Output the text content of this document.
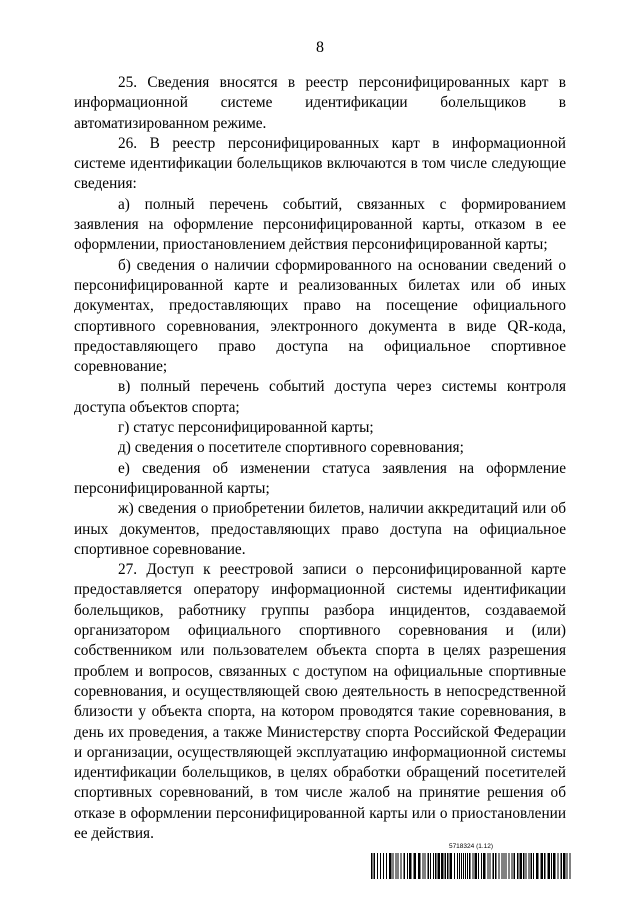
8

25. Сведения вносятся в реестр персонифицированных карт в информационной системе идентификации болельщиков в автоматизированном режиме.

26. В реестр персонифицированных карт в информационной системе идентификации болельщиков включаются в том числе следующие сведения:

а) полный перечень событий, связанных с формированием заявления на оформление персонифицированной карты, отказом в ее оформлении, приостановлением действия персонифицированной карты;

б) сведения о наличии сформированного на основании сведений о персонифицированной карте и реализованных билетах или об иных документах, предоставляющих право на посещение официального спортивного соревнования, электронного документа в виде QR-кода, предоставляющего право доступа на официальное спортивное соревнование;

в) полный перечень событий доступа через системы контроля доступа объектов спорта;

г) статус персонифицированной карты;

д) сведения о посетителе спортивного соревнования;

е) сведения об изменении статуса заявления на оформление персонифицированной карты;

ж) сведения о приобретении билетов, наличии аккредитаций или об иных документов, предоставляющих право доступа на официальное спортивное соревнование.

27. Доступ к реестровой записи о персонифицированной карте предоставляется оператору информационной системы идентификации болельщиков, работнику группы разбора инцидентов, создаваемой организатором официального спортивного соревнования и (или) собственником или пользователем объекта спорта в целях разрешения проблем и вопросов, связанных с доступом на официальные спортивные соревнования, и осуществляющей свою деятельность в непосредственной близости у объекта спорта, на котором проводятся такие соревнования, в день их проведения, а также Министерству спорта Российской Федерации и организации, осуществляющей эксплуатацию информационной системы идентификации болельщиков, в целях обработки обращений посетителей спортивных соревнований, в том числе жалоб на принятие решения об отказе в оформлении персонифицированной карты или о приостановлении ее действия.

5718324 (1.12)
